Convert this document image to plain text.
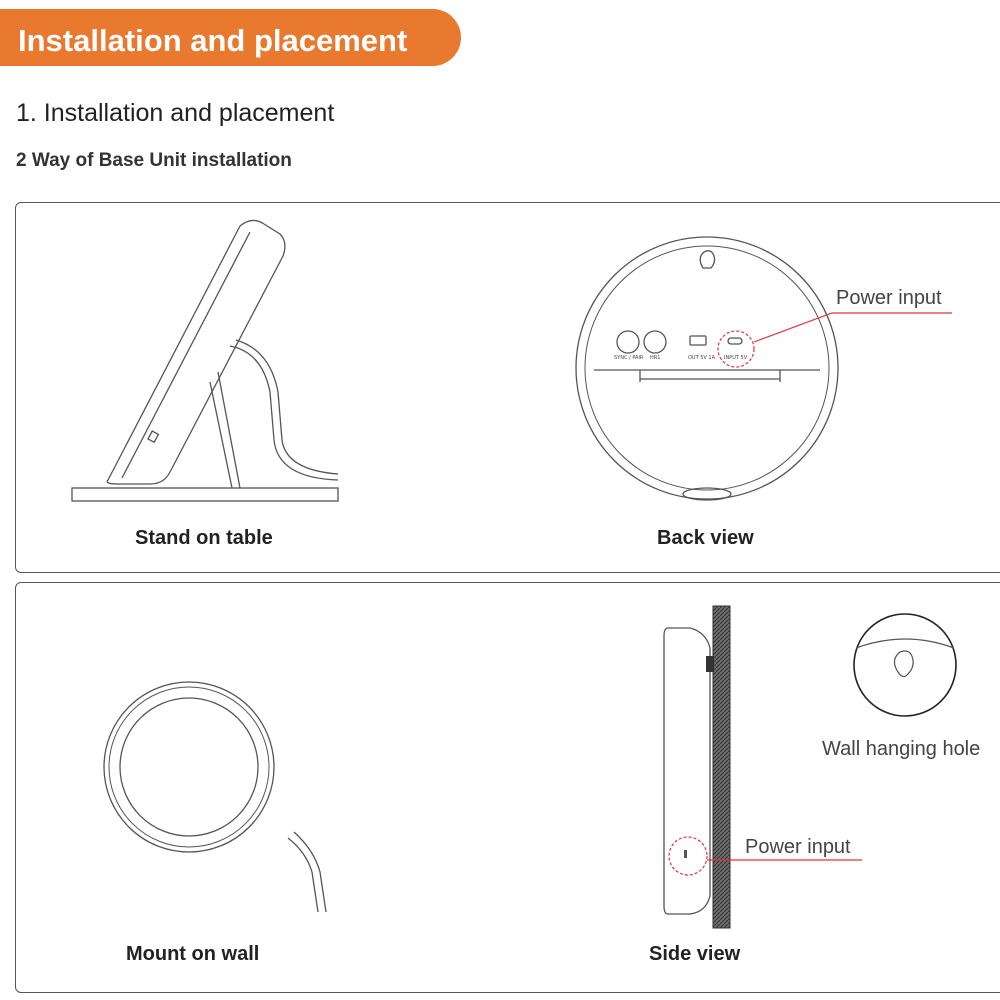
Installation and placement
1. Installation and placement
2 Way of Base Unit installation
SYNC / PAIR HR1	OUT 5V 1A INPUT 5V
Power input
Stand on table	Back view
Wall hanging hole
Power input
Mount on wall	Side view
